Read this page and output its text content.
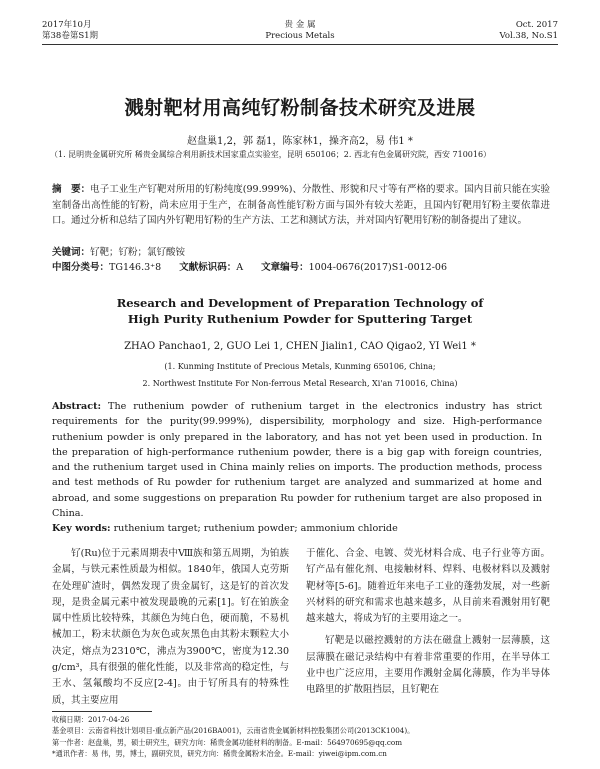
2017年10月
第38卷第S1期
贵 金 属
Precious Metals
Oct. 2017
Vol.38, No.S1
溅射靶材用高纯钌粉制备技术研究及进展
赵盘巢1,2，郭 磊1，陈家林1，操齐高2，易 伟1 *
（1. 昆明贵金属研究所 稀贵金属综合利用新技术国家重点实验室，昆明 650106；2. 西北有色金属研究院，西安 710016）
摘　要：电子工业生产钌靶对所用的钌粉纯度(99.999%)、分散性、形貌和尺寸等有严格的要求。国内目前只能在实验室制备出高性能的钌粉，尚未应用于生产，在制备高性能钌粉方面与国外有较大差距，且国内钌靶用钌粉主要依靠进口。通过分析和总结了国内外钌靶用钌粉的生产方法、工艺和测试方法，并对国内钌靶用钌粉的制备提出了建议。
关键词：钌靶；钌粉；氯钌酸铵
中图分类号：TG146.3⁺8 文献标识码：A 文章编号：1004-0676(2017)S1-0012-06
Research and Development of Preparation Technology of
High Purity Ruthenium Powder for Sputtering Target
ZHAO Panchao1, 2, GUO Lei 1, CHEN Jialin1, CAO Qigao2, YI Wei1 *
(1. Kunming Institute of Precious Metals, Kunming 650106, China;
2. Northwest Institute For Non-ferrous Metal Research, Xi'an 710016, China)
Abstract: The ruthenium powder of ruthenium target in the electronics industry has strict requirements for the purity(99.999%), dispersibility, morphology and size. High-performance ruthenium powder is only prepared in the laboratory, and has not yet been used in production. In the preparation of high-performance ruthenium powder, there is a big gap with foreign countries, and the ruthenium target used in China mainly relies on imports. The production methods, process and test methods of Ru powder for ruthenium target are analyzed and summarized at home and abroad, and some suggestions on preparation Ru powder for ruthenium target are also proposed in China.
Key words: ruthenium target; ruthenium powder; ammonium chloride
钌(Ru)位于元素周期表中Ⅷ族和第五周期，为铂族金属，与铁元素性质最为相似。1840年，俄国人克劳斯在处理矿渣时，偶然发现了贵金属钌，这是钌的首次发现，是贵金属元素中被发现最晚的元素[1]。钌在铂族金属中性质比较特殊，其颜色为纯白色，硬而脆，不易机械加工，粉末状颜色为灰色或灰黑色由其粉末颗粒大小决定，熔点为2310℃，沸点为3900℃，密度为12.30 g/cm³，具有很强的催化性能，以及非常高的稳定性，与王水、氢氟酸均不反应[2-4]。由于钌所具有的特殊性质，其主要应用

于催化、合金、电镀、荧光材料合成、电子行业等方面。钌产品有催化剂、电接触材料、焊料、电极材料以及溅射靶材等[5-6]。随着近年来电子工业的蓬勃发展，对一些新兴材料的研究和需求也越来越多，从目前来看溅射用钌靶越来越大，将成为钌的主要用途之一。

钌靶是以磁控溅射的方法在磁盘上溅射一层薄膜，这层薄膜在磁记录结构中有着非常重要的作用，在半导体工业中也广泛应用，主要用作溅射金属化薄膜，作为半导体电路里的扩散阻挡层，且钌靶在

收稿日期：2017-04-26
基金项目：云南省科技计划项目-重点新产品(2016BA001)，云南省贵金属新材料控股集团公司(2013CK1004)。
第一作者：赵盘巢，男，硕士研究生，研究方向：稀贵金属功能材料的制备。E-mail：564970695@qq.com
*通讯作者：易 伟，男，博士，副研究员，研究方向：稀贵金属粉末冶金。E-mail：yiwei@ipm.com.cn
